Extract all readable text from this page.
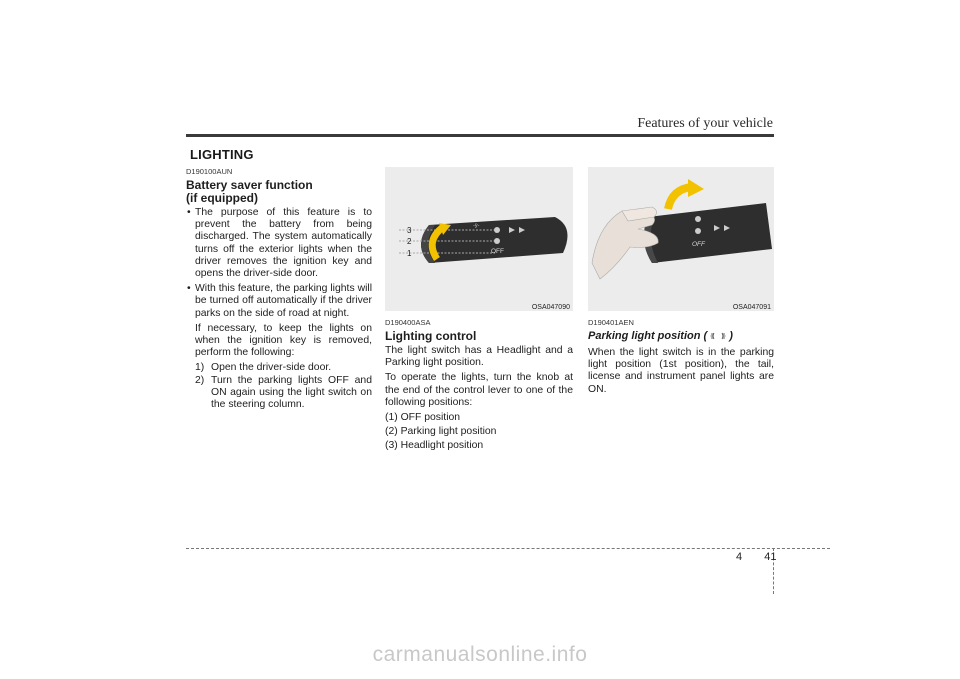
Features of your vehicle
LIGHTING
D190100AUN
Battery saver function
(if equipped)

• The purpose of this feature is to prevent the battery from being discharged. The system automatically turns off the exterior lights when the driver removes the ignition key and opens the driver-side door.

• With this feature, the parking lights will be turned off automatically if the driver parks on the side of road at night.

If necessary, to keep the lights on when the ignition key is removed, perform the following:

1) Open the driver-side door.
2) Turn the parking lights OFF and ON again using the light switch on the steering column.
-ÿ-
3
2
1	OFF
OSA047090
OFF
OSA047091
D190400ASA
Lighting control

The light switch has a Headlight and a Parking light position.

To operate the lights, turn the knob at the end of the control lever to one of the following positions:

(1) OFF position
(2) Parking light position
(3) Headlight position
D190401AEN
Parking light position ( )

When the light switch is in the parking light position (1st position), the tail, license and instrument panel lights are ON.

4 41
carmanualsonline.info
